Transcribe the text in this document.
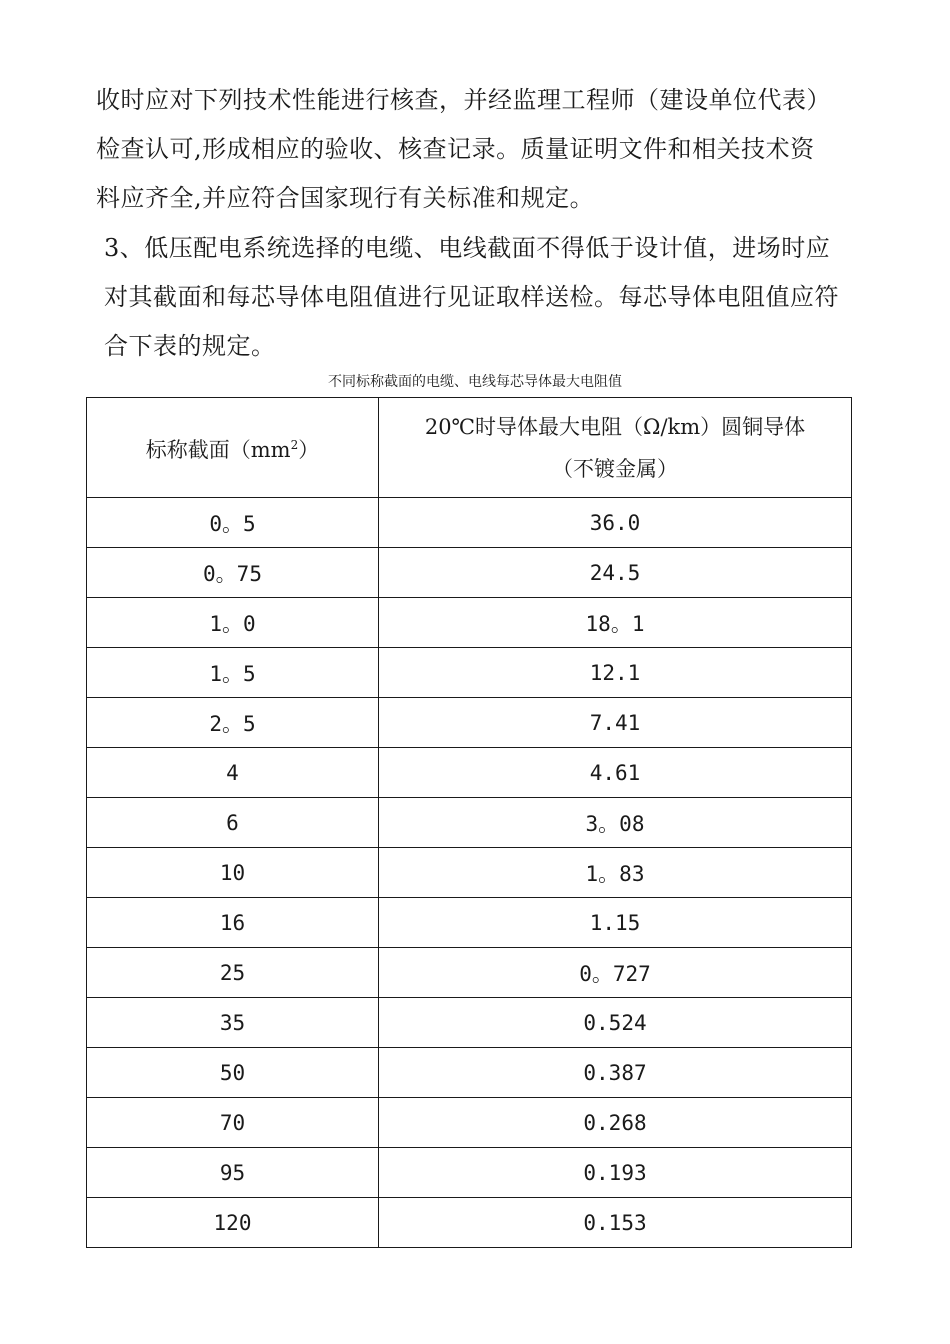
收时应对下列技术性能进行核查，并经监理工程师（建设单位代表）
检查认可,形成相应的验收、核查记录。质量证明文件和相关技术资
料应齐全,并应符合国家现行有关标准和规定。
3、低压配电系统选择的电缆、电线截面不得低于设计值，进场时应
对其截面和每芯导体电阻值进行见证取样送检。每芯导体电阻值应符
合下表的规定。
不同标称截面的电缆、电线每芯导体最大电阻值
标称截面$(mm^2)$	20℃时导体最大电阻（Ω/km）圆铜导体
（不镀金属）

0。5	36.0
0。75	24.5
1。0	18。1
1。5	12.1
2。5	7.41
4	4.61
6	3。08
10	1。83
16	1.15
25	0。727
35	0.524
50	0.387
70	0.268
95	0.193
120	0.153
